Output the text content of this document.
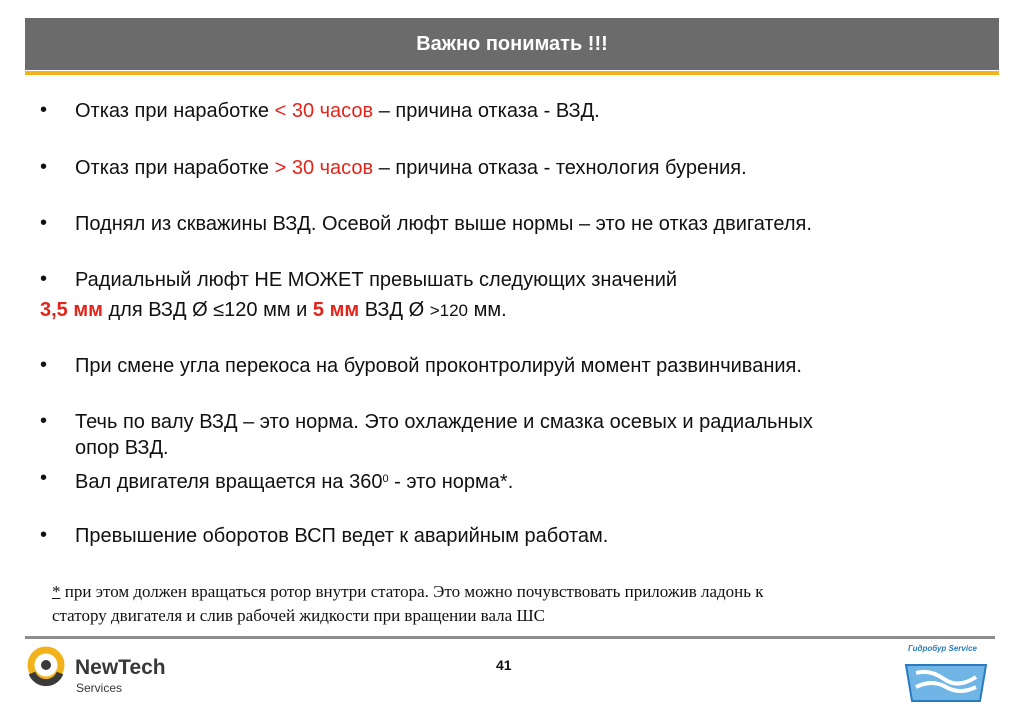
Важно понимать !!!
• Отказ при наработке < 30 часов – причина отказа - ВЗД.
• Отказ при наработке > 30 часов – причина отказа - технология бурения.
• Поднял из скважины ВЗД. Осевой люфт выше нормы – это не отказ двигателя.
• Радиальный люфт НЕ МОЖЕТ превышать следующих значений
3,5 мм для ВЗД Ø ≤120 мм и 5 мм ВЗД Ø >120 мм.
• При смене угла перекоса на буровой проконтролируй момент развинчивания.
• Течь по валу ВЗД – это норма. Это охлаждение и смазка осевых и радиальных
опор ВЗД.
• Вал двигателя вращается на $360^0$ - это норма*.
• Превышение оборотов ВСП ведет к аварийным работам.
* при этом должен вращаться ротор внутри статора. Это можно почувствовать приложив ладонь к
статору двигателя и слив рабочей жидкости при вращении вала ШС
NewTech
Services
41
Гидробур Service
